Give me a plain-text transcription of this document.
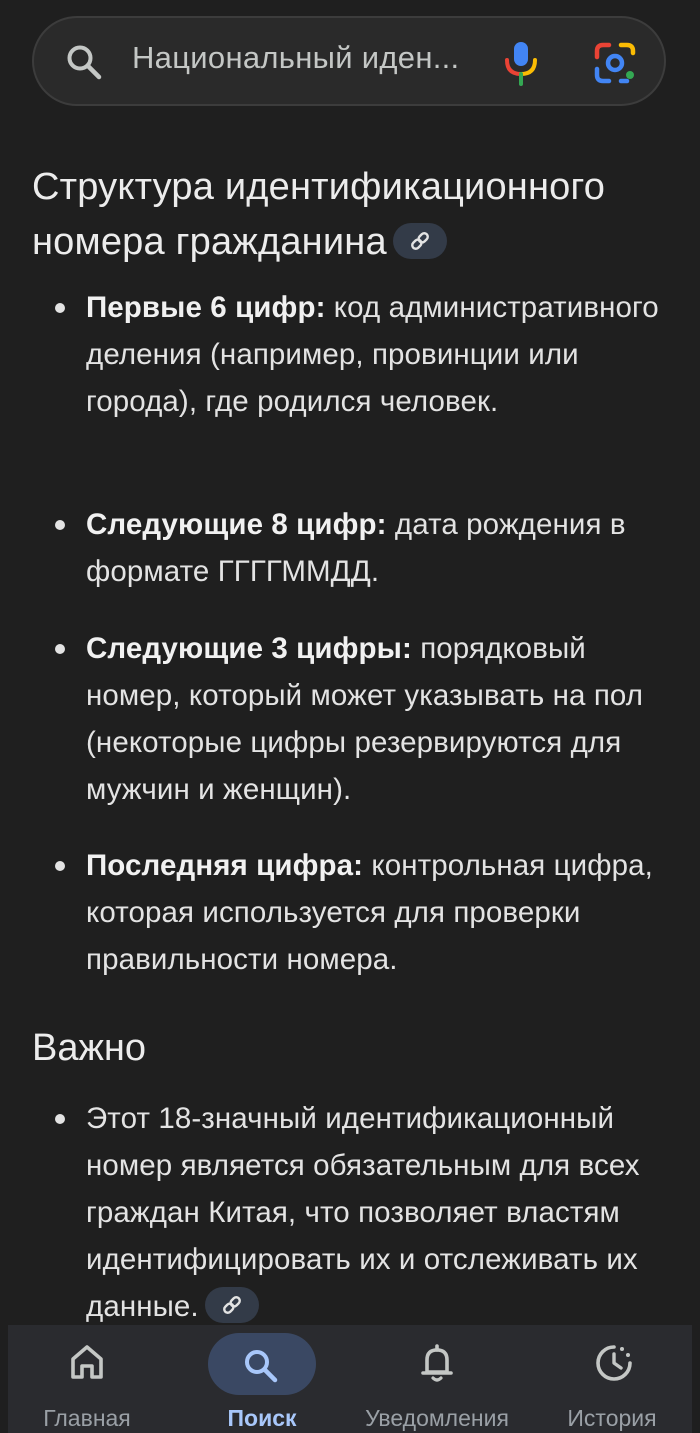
Национальный иден...
Структура идентификационного номера гражданина
Первые 6 цифр: код административного деления (например, провинции или города), где родился человек.
Следующие 8 цифр: дата рождения в формате ГГГГММДД.
Следующие 3 цифры: порядковый номер, который может указывать на пол (некоторые цифры резервируются для мужчин и женщин).
Последняя цифра: контрольная цифра, которая используется для проверки правильности номера.
Важно
Этот 18-значный идентификационный номер является обязательным для всех граждан Китая, что позволяет властям идентифицировать их и отслеживать их данные.
Главная	Поиск	Уведомления	История
